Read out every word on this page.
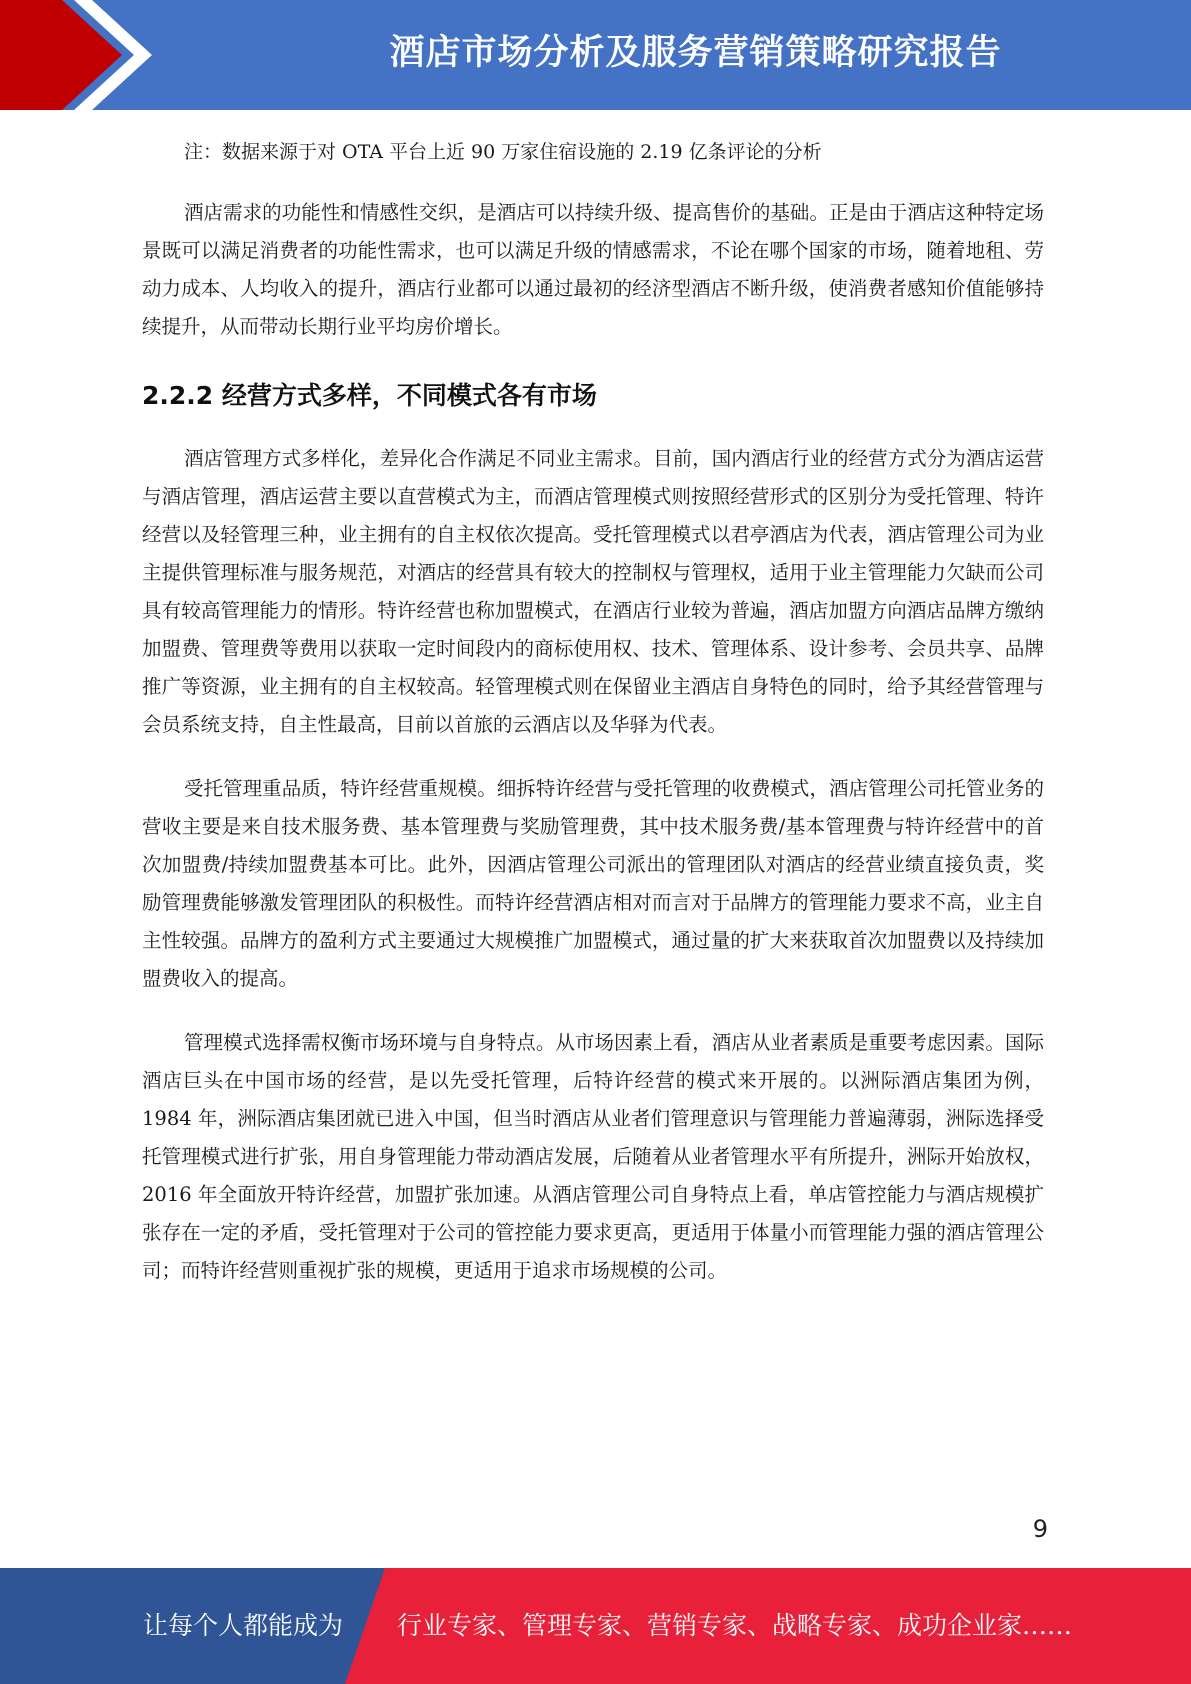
酒店市场分析及服务营销策略研究报告

注：数据来源于对 OTA 平台上近 90 万家住宿设施的 2.19 亿条评论的分析

酒店需求的功能性和情感性交织，是酒店可以持续升级、提高售价的基础。正是由于酒店这种特定场景既可以满足消费者的功能性需求，也可以满足升级的情感需求，不论在哪个国家的市场，随着地租、劳动力成本、人均收入的提升，酒店行业都可以通过最初的经济型酒店不断升级，使消费者感知价值能够持续提升，从而带动长期行业平均房价增长。

2.2.2 经营方式多样，不同模式各有市场

酒店管理方式多样化，差异化合作满足不同业主需求。目前，国内酒店行业的经营方式分为酒店运营与酒店管理，酒店运营主要以直营模式为主，而酒店管理模式则按照经营形式的区别分为受托管理、特许经营以及轻管理三种，业主拥有的自主权依次提高。受托管理模式以君亭酒店为代表，酒店管理公司为业主提供管理标准与服务规范，对酒店的经营具有较大的控制权与管理权，适用于业主管理能力欠缺而公司具有较高管理能力的情形。特许经营也称加盟模式，在酒店行业较为普遍，酒店加盟方向酒店品牌方缴纳加盟费、管理费等费用以获取一定时间段内的商标使用权、技术、管理体系、设计参考、会员共享、品牌推广等资源，业主拥有的自主权较高。轻管理模式则在保留业主酒店自身特色的同时，给予其经营管理与会员系统支持，自主性最高，目前以首旅的云酒店以及华驿为代表。

受托管理重品质，特许经营重规模。细拆特许经营与受托管理的收费模式，酒店管理公司托管业务的营收主要是来自技术服务费、基本管理费与奖励管理费，其中技术服务费/基本管理费与特许经营中的首次加盟费/持续加盟费基本可比。此外，因酒店管理公司派出的管理团队对酒店的经营业绩直接负责，奖励管理费能够激发管理团队的积极性。而特许经营酒店相对而言对于品牌方的管理能力要求不高，业主自主性较强。品牌方的盈利方式主要通过大规模推广加盟模式，通过量的扩大来获取首次加盟费以及持续加盟费收入的提高。

管理模式选择需权衡市场环境与自身特点。从市场因素上看，酒店从业者素质是重要考虑因素。国际酒店巨头在中国市场的经营，是以先受托管理，后特许经营的模式来开展的。以洲际酒店集团为例，1984 年，洲际酒店集团就已进入中国，但当时酒店从业者们管理意识与管理能力普遍薄弱，洲际选择受托管理模式进行扩张，用自身管理能力带动酒店发展，后随着从业者管理水平有所提升，洲际开始放权，2016 年全面放开特许经营，加盟扩张加速。从酒店管理公司自身特点上看，单店管控能力与酒店规模扩张存在一定的矛盾，受托管理对于公司的管控能力要求更高，更适用于体量小而管理能力强的酒店管理公司；而特许经营则重视扩张的规模，更适用于追求市场规模的公司。

9
让每个人都能成为 行业专家、管理专家、营销专家、战略专家、成功企业家……
